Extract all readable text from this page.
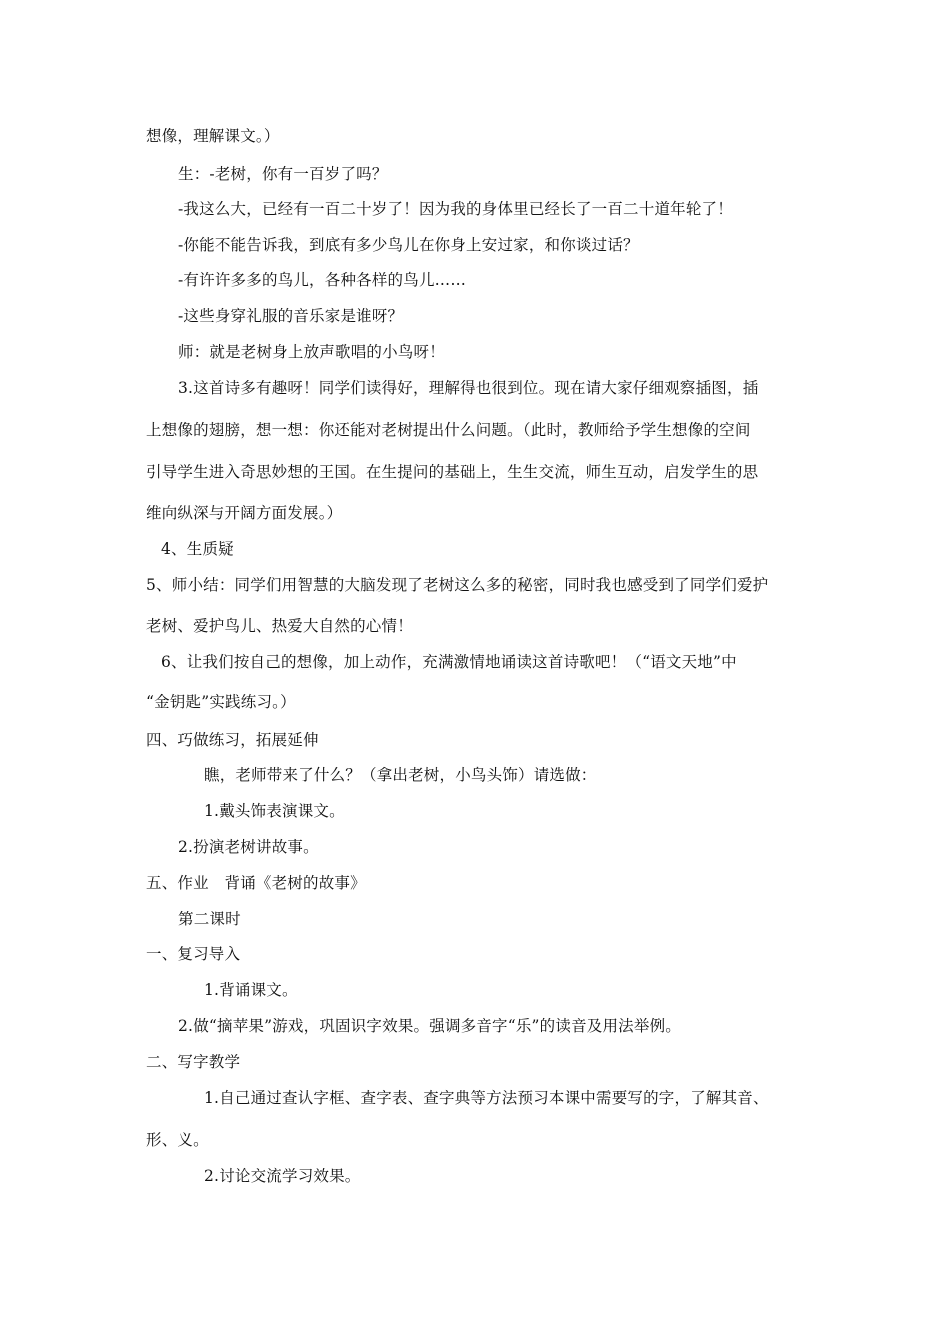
想像，理解课文。）
生：-老树，你有一百岁了吗？
-我这么大，已经有一百二十岁了！因为我的身体里已经长了一百二十道年轮了！
-你能不能告诉我，到底有多少鸟儿在你身上安过家，和你谈过话？
-有许许多多的鸟儿，各种各样的鸟儿……
-这些身穿礼服的音乐家是谁呀？
师：就是老树身上放声歌唱的小鸟呀！
3.这首诗多有趣呀！同学们读得好，理解得也很到位。现在请大家仔细观察插图，插
上想像的翅膀，想一想：你还能对老树提出什么问题。（此时，教师给予学生想像的空间
引导学生进入奇思妙想的王国。在生提问的基础上，生生交流，师生互动，启发学生的思
维向纵深与开阔方面发展。）
4、生质疑
5、师小结：同学们用智慧的大脑发现了老树这么多的秘密，同时我也感受到了同学们爱护
老树、爱护鸟儿、热爱大自然的心情！
6、让我们按自己的想像，加上动作，充满激情地诵读这首诗歌吧！（“语文天地”中
“金钥匙”实践练习。）
四、巧做练习，拓展延伸
瞧，老师带来了什么？（拿出老树，小鸟头饰）请选做：
1.戴头饰表演课文。
2.扮演老树讲故事。
五、作业　背诵《老树的故事》
第二课时
一、复习导入
1.背诵课文。
2.做“摘苹果”游戏，巩固识字效果。强调多音字“乐”的读音及用法举例。
二、写字教学
1.自己通过查认字框、查字表、查字典等方法预习本课中需要写的字，了解其音、
形、义。
2.讨论交流学习效果。
